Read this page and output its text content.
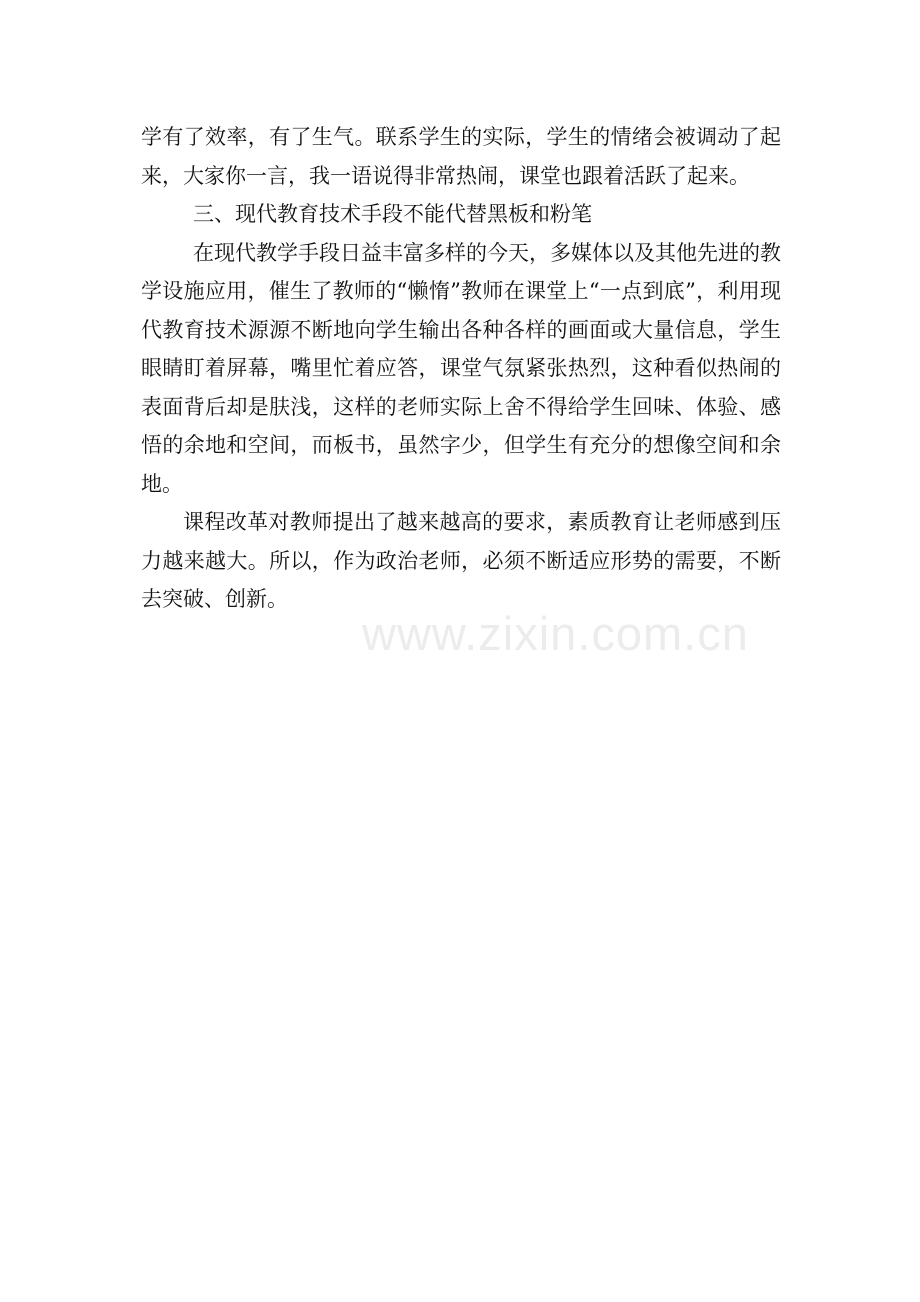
学有了效率，有了生气。联系学生的实际，学生的情绪会被调动了起来，大家你一言，我一语说得非常热闹，课堂也跟着活跃了起来。

三、现代教育技术手段不能代替黑板和粉笔

在现代教学手段日益丰富多样的今天，多媒体以及其他先进的教学设施应用，催生了教师的“懒惰”教师在课堂上“一点到底”，利用现代教育技术源源不断地向学生输出各种各样的画面或大量信息，学生眼睛盯着屏幕，嘴里忙着应答，课堂气氛紧张热烈，这种看似热闹的表面背后却是肤浅，这样的老师实际上舍不得给学生回味、体验、感悟的余地和空间，而板书，虽然字少，但学生有充分的想像空间和余地。

课程改革对教师提出了越来越高的要求，素质教育让老师感到压力越来越大。所以，作为政治老师，必须不断适应形势的需要，不断去突破、创新。

www.zixin.com.cn
